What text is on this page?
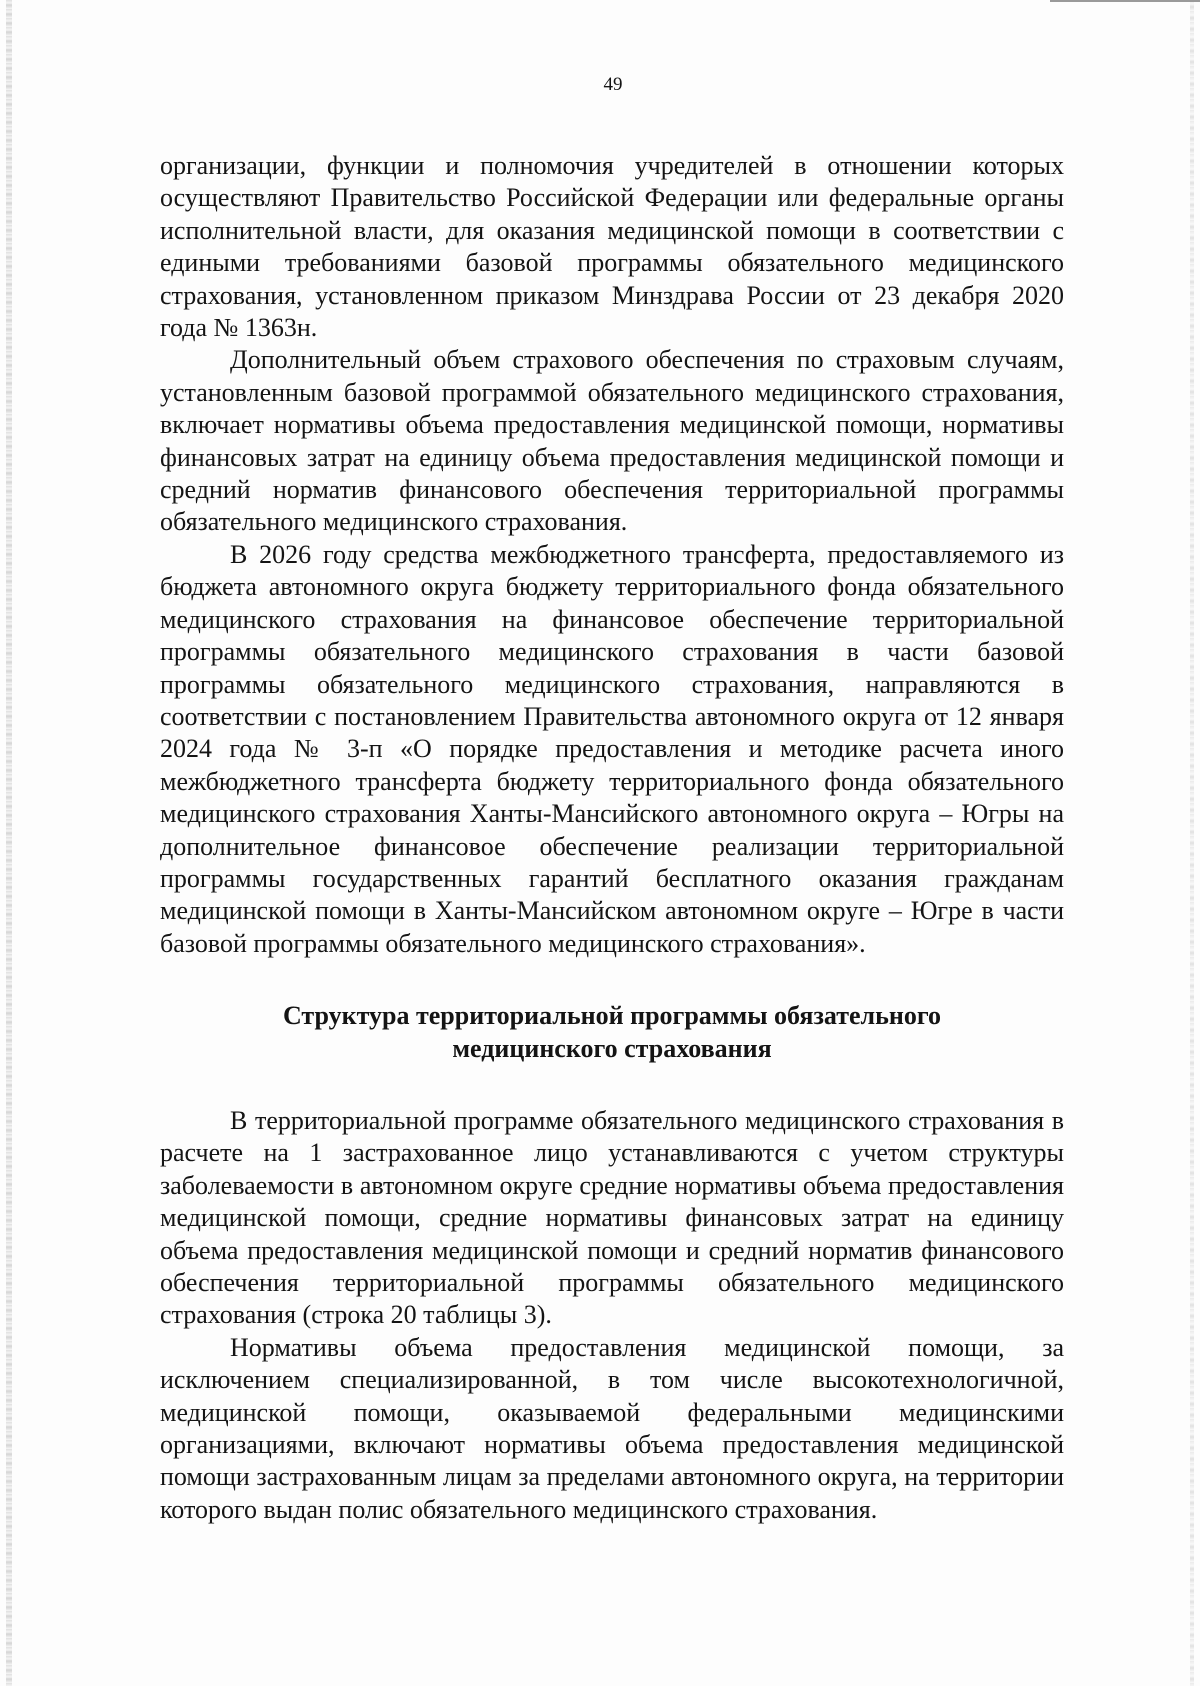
49

организации, функции и полномочия учредителей в отношении которых осуществляют Правительство Российской Федерации или федеральные органы исполнительной власти, для оказания медицинской помощи в соответствии с едиными требованиями базовой программы обязательного медицинского страхования, установленном приказом Минздрава России от 23 декабря 2020 года № 1363н.

Дополнительный объем страхового обеспечения по страховым случаям, установленным базовой программой обязательного медицинского страхования, включает нормативы объема предоставления медицинской помощи, нормативы финансовых затрат на единицу объема предоставления медицинской помощи и средний норматив финансового обеспечения территориальной программы обязательного медицинского страхования.

В 2026 году средства межбюджетного трансферта, предоставляемого из бюджета автономного округа бюджету территориального фонда обязательного медицинского страхования на финансовое обеспечение территориальной программы обязательного медицинского страхования в части базовой программы обязательного медицинского страхования, направляются в соответствии с постановлением Правительства автономного округа от 12 января 2024 года № 3-п «О порядке предоставления и методике расчета иного межбюджетного трансферта бюджету территориального фонда обязательного медицинского страхования Ханты-Мансийского автономного округа – Югры на дополнительное финансовое обеспечение реализации территориальной программы государственных гарантий бесплатного оказания гражданам медицинской помощи в Ханты-Мансийском автономном округе – Югре в части базовой программы обязательного медицинского страхования».

Структура территориальной программы обязательного медицинского страхования

В территориальной программе обязательного медицинского страхования в расчете на 1 застрахованное лицо устанавливаются с учетом структуры заболеваемости в автономном округе средние нормативы объема предоставления медицинской помощи, средние нормативы финансовых затрат на единицу объема предоставления медицинской помощи и средний норматив финансового обеспечения территориальной программы обязательного медицинского страхования (строка 20 таблицы 3).

Нормативы объема предоставления медицинской помощи, за исключением специализированной, в том числе высокотехнологичной, медицинской помощи, оказываемой федеральными медицинскими организациями, включают нормативы объема предоставления медицинской помощи застрахованным лицам за пределами автономного округа, на территории которого выдан полис обязательного медицинского страхования.
